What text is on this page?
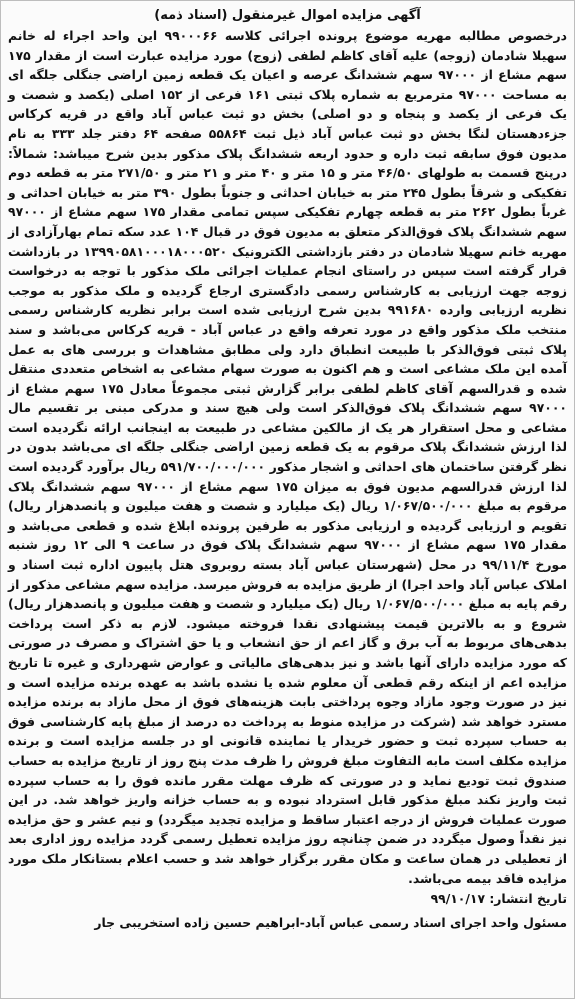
آگهی مزایده اموال غیرمنقول (اسناد ذمه)

درخصوص مطالبه مهریه موضوع پرونده اجرائی کلاسه ۹۹۰۰۰۶۶ این واحد اجراء له خانم سهیلا شادمان (زوجه) علیه آقای کاظم لطفی (زوج) مورد مزایده عبارت است از مقدار ۱۷۵ سهم مشاع از ۹۷۰۰۰ سهم ششدانگ عرصه و اعیان یک قطعه زمین اراضی جنگلی جلگه ای به مساحت ۹۷۰۰۰ مترمربع به شماره پلاک ثبتی ۱۶۱ فرعی از ۱۵۲ اصلی (یکصد و شصت و یک فرعی از یکصد و پنجاه و دو اصلی) بخش دو ثبت عباس آباد واقع در قریه کرکاس جزءدهستان لنگا بخش دو ثبت عباس آباد ذیل ثبت ۵۵۸۶۴ صفحه ۶۴ دفتر جلد ۳۳۳ به نام مدیون فوق سابقه ثبت داره و حدود اربعه ششدانگ پلاک مذکور بدین شرح میباشد: شمالاً: درپنج قسمت به طولهای ۴۶/۵۰ متر و ۱۵ متر و ۴۰ متر و ۲۱ متر و ۲۷۱/۵۰ متر به قطعه دوم تفکیکی و شرقاً بطول ۲۴۵ متر به خیابان احداثی و جنوباً بطول ۳۹۰ متر به خیابان احداثی و غرباً بطول ۲۶۲ متر به قطعه چهارم تفکیکی سپس تمامی مقدار ۱۷۵ سهم مشاع از ۹۷۰۰۰ سهم ششدانگ پلاک فوق‌الذکر متعلق به مدیون فوق در قبال ۱۰۴ عدد سکه تمام بهارآزادی از مهریه خانم سهیلا شادمان در دفتر بازداشتی الکترونیک ۱۳۹۹۰۵۸۱۰۰۰۱۸۰۰۰۵۲۰ در بازداشت قرار گرفته است سپس در راستای انجام عملیات اجرائی ملک مذکور با توجه به درخواست زوجه جهت ارزیابی به کارشناس رسمی دادگستری ارجاع گردیده و ملک مذکور به موجب نظریه ارزیابی وارده ۹۹۱۶۸۰ بدین شرح ارزیابی شده است برابر نظریه کارشناس رسمی منتخب ملک مذکور واقع در مورد تعرفه واقع در عباس آباد - قریه کرکاس می‌باشد و سند پلاک ثبتی فوق‌الذکر با طبیعت انطباق دارد ولی مطابق مشاهدات و بررسی های به عمل آمده این ملک مشاعی است و هم اکنون به صورت سهام مشاعی به اشخاص متعددی منتقل شده و قدرالسهم آقای کاظم لطفی برابر گزارش ثبتی مجموعاً معادل ۱۷۵ سهم مشاع از ۹۷۰۰۰ سهم ششدانگ پلاک فوق‌الذکر است ولی هیچ سند و مدرکی مبنی بر تقسیم مال مشاعی و محل استقرار هر یک از مالکین مشاعی در طبیعت به اینجانب ارائه نگردیده است لذا ارزش ششدانگ پلاک مرقوم به یک قطعه زمین اراضی جنگلی جلگه ای می‌باشد بدون در نظر گرفتن ساختمان های احداثی و اشجار مذکور ۵۹۱/۷۰۰/۰۰۰/۰۰۰ ریال برآورد گردیده است لذا ارزش قدرالسهم مدیون فوق به میزان ۱۷۵ سهم مشاع از ۹۷۰۰۰ سهم ششدانگ پلاک مرقوم به مبلغ ۱/۰۶۷/۵۰۰/۰۰۰ ریال (یک میلیارد و شصت و هفت میلیون و پانصدهزار ریال) تقویم و ارزیابی گردیده و ارزیابی مذکور به طرفین پرونده ابلاغ شده و قطعی می‌باشد و مقدار ۱۷۵ سهم مشاع از ۹۷۰۰۰ سهم ششدانگ پلاک فوق در ساعت ۹ الی ۱۲ روز شنبه مورخ ۹۹/۱۱/۴ در محل (شهرستان عباس آباد بسته روبروی هتل پاییون اداره ثبت اسناد و املاک عباس آباد واحد اجرا) از طریق مزایده به فروش میرسد. مزایده سهم مشاعی مذکور از رقم پایه به مبلغ ۱/۰۶۷/۵۰۰/۰۰۰ ریال (یک میلیارد و شصت و هفت میلیون و پانصدهزار ریال) شروع و به بالاترین قیمت پیشنهادی نقدا فروخته میشود. لازم به ذکر است پرداخت بدهی‌های مربوط به آب برق و گاز اعم از حق انشعاب و یا حق اشتراک و مصرف در صورتی که مورد مزایده دارای آنها باشد و نیز بدهی‌های مالیاتی و عوارض شهرداری و غیره تا تاریخ مزایده اعم از اینکه رقم قطعی آن معلوم شده یا نشده باشد به عهده برنده مزایده است و نیز در صورت وجود مازاد وجوه پرداختی بابت هزینه‌های فوق از محل مازاد به برنده مزایده مسترد خواهد شد (شرکت در مزایده منوط به پرداخت ده درصد از مبلغ پایه کارشناسی فوق به حساب سپرده ثبت و حضور خریدار یا نماینده قانونی او در جلسه مزایده است و برنده مزایده مکلف است مابه التفاوت مبلغ فروش را ظرف مدت پنج روز از تاریخ مزایده به حساب صندوق ثبت تودیع نماید و در صورتی که ظرف مهلت مقرر مانده فوق را به حساب سپرده ثبت واریز نکند مبلغ مذکور قابل استرداد نبوده و به حساب خزانه واریز خواهد شد. در این صورت عملیات فروش از درجه اعتبار ساقط و مزایده تجدید میگردد) و نیم عشر و حق مزایده نیز نقداً وصول میگردد در ضمن چنانچه روز مزایده تعطیل رسمی گردد مزایده روز اداری بعد از تعطیلی در همان ساعت و مکان مقرر برگزار خواهد شد و حسب اعلام بستانکار ملک مورد مزایده فاقد بیمه می‌باشد.

تاریخ انتشار: ۹۹/۱۰/۱۷
مسئول واحد اجرای اسناد رسمی عباس آباد-ابراهیم حسین زاده استخریبی جار
